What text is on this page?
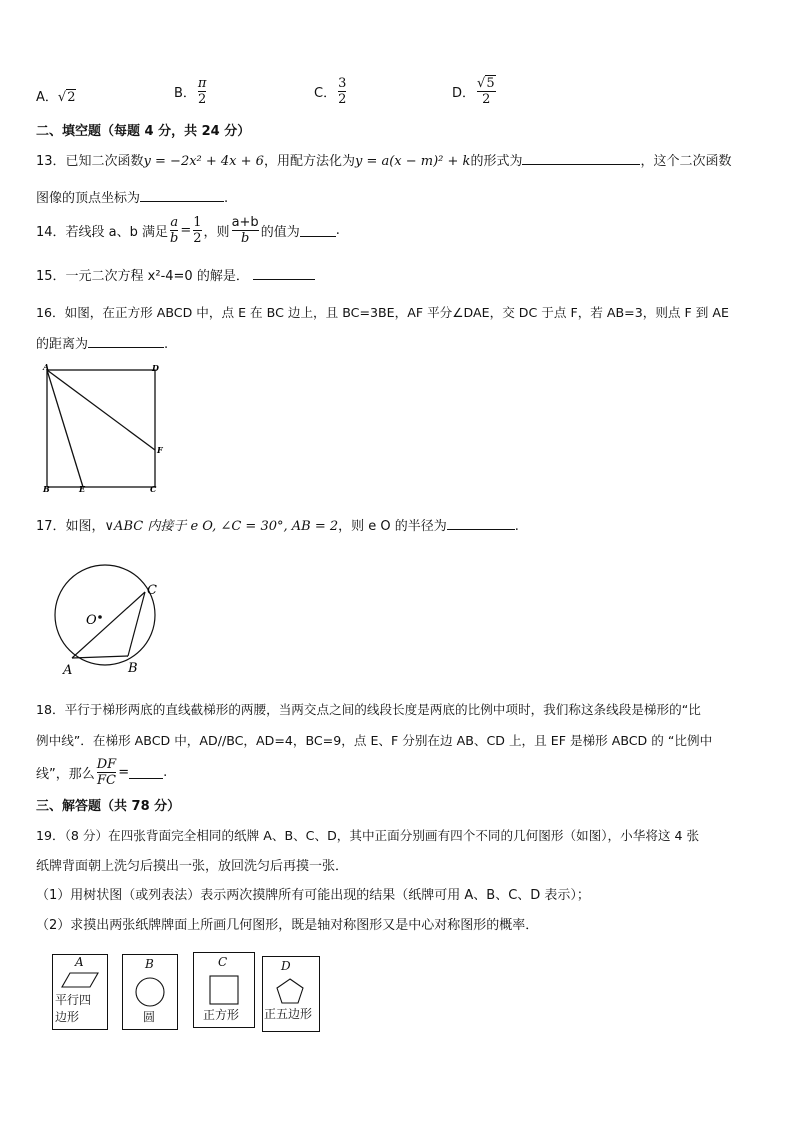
A．√2	B． $\frac{\pi}{2}$	C． $\frac{3}{2}$	D． $\frac{√5}{2}$
二、填空题（每题 4 分，共 24 分）
13．已知二次函数y = −2x² + 4x + 6，用配方法化为y = a(x − m)² + k的形式为	，这个二次函数
图像的顶点坐标为	.
14．若线段 a、b 满足 $\frac{a}{b} = \frac{1}{2}$ ，则 $\frac{a+b}{b}$ 的值为	.
15．一元二次方程 x²-4=0 的解是．
16．如图，在正方形 ABCD 中，点 E 在 BC 边上，且 BC=3BE，AF 平分∠DAE，交 DC 于点 F，若 AB=3，则点 F 到 AE
的距离为	.
A	D
F
B	E	C
17．如图，∨ABC 内接于 e O, ∠C = 30°, AB = 2，则 e O 的半径为	.
O
A	B
C
18．平行于梯形两底的直线截梯形的两腰，当两交点之间的线段长度是两底的比例中项时，我们称这条线段是梯形的“比
例中线”．在梯形 ABCD 中，AD//BC，AD=4，BC=9，点 E、F 分别在边 AB、CD 上，且 EF 是梯形 ABCD 的 “比例中
线”，那么 $\frac{DF}{FC}$ =	.
三、解答题（共 78 分）
19．（8 分）在四张背面完全相同的纸牌 A、B、C、D，其中正面分别画有四个不同的几何图形（如图），小华将这 4 张
纸牌背面朝上洗匀后摸出一张，放回洗匀后再摸一张．
（1）用树状图（或列表法）表示两次摸牌所有可能出现的结果（纸牌可用 A、B、C、D 表示）；
（2）求摸出两张纸牌牌面上所画几何图形，既是轴对称图形又是中心对称图形的概率．
A
平行四
边形
B
圆
C
正方形
D
正五边形
